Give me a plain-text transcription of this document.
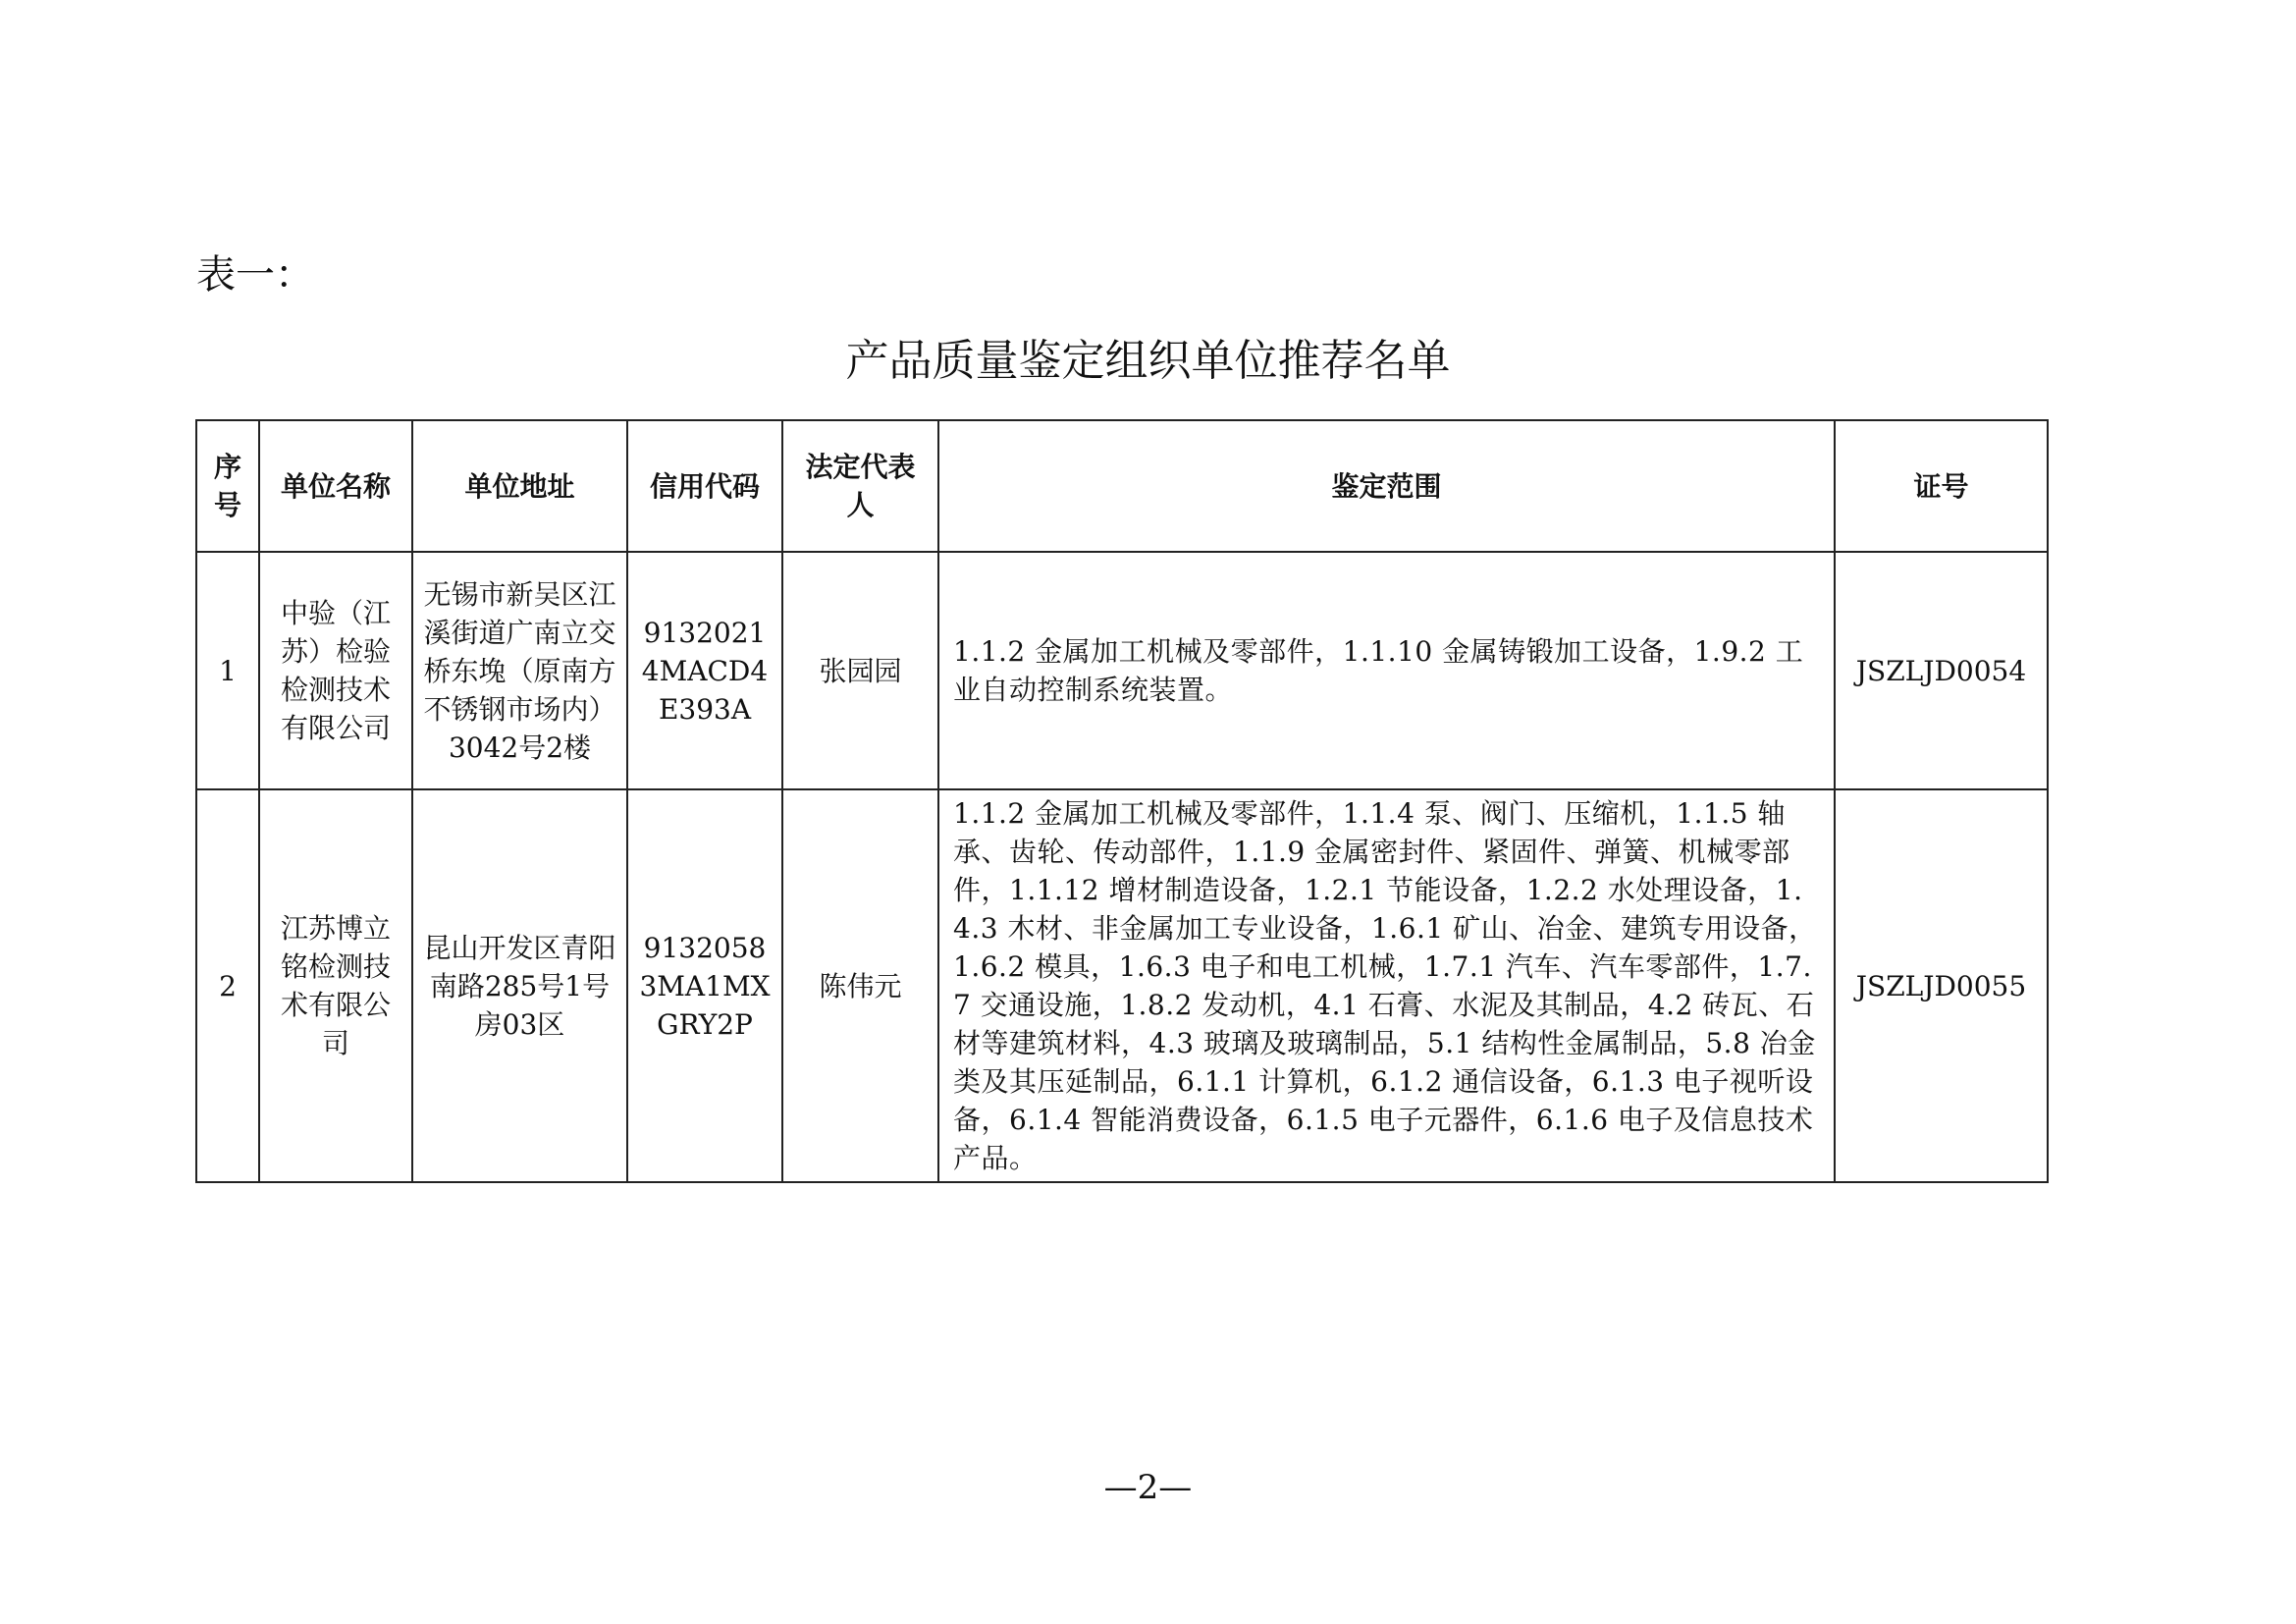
表一：
产品质量鉴定组织单位推荐名单
序号	单位名称	单位地址	信用代码	法定代表人	鉴定范围	证号
1	中验（江苏）检验检测技术有限公司	无锡市新吴区江溪街道广南立交桥东堍（原南方不锈钢市场内）3042号2楼	91320214MACD4E393A	张园园	1.1.2 金属加工机械及零部件，1.1.10 金属铸锻加工设备，1.9.2 工业自动控制系统装置。	JSZLJD0054
2	江苏博立铭检测技术有限公司	昆山开发区青阳南路285号1号房03区	91320583MA1MXGRY2P	陈伟元	1.1.2 金属加工机械及零部件，1.1.4 泵、阀门、压缩机，1.1.5 轴承、齿轮、传动部件，1.1.9 金属密封件、紧固件、弹簧、机械零部件，1.1.12 增材制造设备，1.2.1 节能设备，1.2.2 水处理设备，1.4.3 木材、非金属加工专业设备，1.6.1 矿山、冶金、建筑专用设备，1.6.2 模具，1.6.3 电子和电工机械，1.7.1 汽车、汽车零部件，1.7.7 交通设施，1.8.2 发动机，4.1 石膏、水泥及其制品，4.2 砖瓦、石材等建筑材料，4.3 玻璃及玻璃制品，5.1 结构性金属制品，5.8 冶金类及其压延制品，6.1.1 计算机，6.1.2 通信设备，6.1.3 电子视听设备，6.1.4 智能消费设备，6.1.5 电子元器件，6.1.6 电子及信息技术产品。	JSZLJD0055
—2—
